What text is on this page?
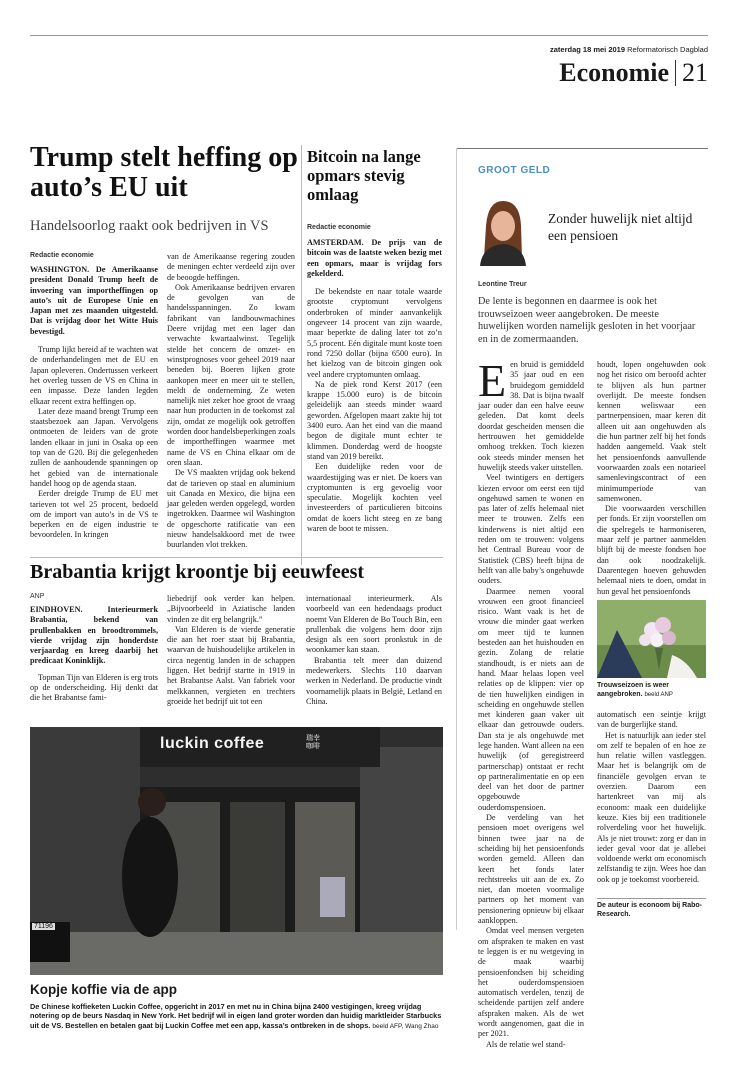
zaterdag 18 mei 2019 Reformatorisch Dagblad
Economie 21
Trump stelt heffing op auto’s EU uit
Handelsoorlog raakt ook bedrijven in VS
Redactie economie

WASHINGTON. De Amerikaanse president Donald Trump heeft de invoering van importheffingen op auto’s uit de Europese Unie en Japan met zes maanden uitgesteld. Dat is vrijdag door het Witte Huis bevestigd.

Trump lijkt bereid af te wachten wat de onderhandelingen met de EU en Japan opleveren. Ondertussen verkeert het overleg tussen de VS en China in een impasse. Deze landen legden elkaar recent extra heffingen op.

Later deze maand brengt Trump een staatsbezoek aan Japan. Vervolgens ontmoeten de leiders van de grote landen elkaar in juni in Osaka op een top van de G20. Bij die gelegenheden zullen de aanhoudende spanningen op het gebied van de internationale handel hoog op de agenda staan.

Eerder dreigde Trump de EU met tarieven tot wel 25 procent, bedoeld om de import van auto’s in de VS te beperken en de eigen industrie te bevoordelen. In kringen

van de Amerikaanse regering zouden de meningen echter verdeeld zijn over de beoogde heffingen.

Ook Amerikaanse bedrijven ervaren de gevolgen van de handelsspanningen. Zo kwam fabrikant van landbouwmachines Deere vrijdag met een lager dan verwachte kwartaalwinst. Tegelijk stelde het concern de omzet- en winstprognoses voor geheel 2019 naar beneden bij. Boeren lijken grote aankopen meer en meer uit te stellen, meldt de onderneming. Ze weten namelijk niet zeker hoe groot de vraag naar hun producten in de toekomst zal zijn, omdat ze mogelijk ook getroffen worden door handelsbeperkingen zoals de importheffingen waarmee met name de VS en China elkaar om de oren slaan.

De VS maakten vrijdag ook bekend dat de tarieven op staal en aluminium uit Canada en Mexico, die bijna een jaar geleden werden opgelegd, worden ingetrokken. Daarmee wil Washington de opgeschorte ratificatie van een nieuw handelsakkoord met de twee buurlanden vlot trekken.

Bitcoin na lange opmars stevig omlaag
Redactie economie

AMSTERDAM. De prijs van de bitcoin was de laatste weken bezig met een opmars, maar is vrijdag fors gekelderd.

De bekendste en naar totale waarde grootste cryptomunt vervolgens onderbroken of minder aanvankelijk ongeveer 14 procent van zijn waarde, maar beperkte de daling later tot zo’n 5,5 procent. Eén digitale munt koste toen rond 7250 dollar (bijna 6500 euro). In het kielzog van de bitcoin gingen ook veel andere cryptomunten omlaag.

Na de piek rond Kerst 2017 (een krappe 15.000 euro) is de bitcoin geleidelijk aan steeds minder waard geworden. Afgelopen maart zakte hij tot 3400 euro. Aan het eind van die maand begon de digitale munt echter te klimmen. Donderdag werd de hoogste stand van 2019 bereikt.

Een duidelijke reden voor de waardestijging was er niet. De koers van cryptomunten is erg gevoelig voor speculatie. Mogelijk kochten veel investeerders of particulieren bitcoins omdat de koers licht steeg en ze bang waren de boot te missen.

Brabantia krijgt kroontje bij eeuwfeest
ANP

EINDHOVEN. Interieurmerk Brabantia, bekend van prullenbakken en broodtrommels, vierde vrijdag zijn honderdste verjaardag en kreeg daarbij het predicaat Koninklijk.

Topman Tijn van Elderen is erg trots op de onderscheiding. Hij denkt dat die het Brabantse fami-

liebedrijf ook verder kan helpen. „Bijvoorbeeld in Aziatische landen vinden ze dit erg belangrijk.”

Van Elderen is de vierde generatie die aan het roer staat bij Brabantia, waarvan de huishoudelijke artikelen in circa negentig landen in de schappen liggen. Het bedrijf startte in 1919 in het Brabantse Aalst. Van fabriek voor melkkannen, vergieten en trechters groeide het bedrijf uit tot een

internationaal interieurmerk. Als voorbeeld van een hedendaags product noemt Van Elderen de Bo Touch Bin, een prullenbak die volgens hem door zijn design als een soort pronkstuk in de woonkamer kan staan.

Brabantia telt meer dan duizend medewerkers. Slechts 110 daarvan werken in Nederland. De productie vindt voornamelijk plaats in België, Letland en China.

luckin coffee	瑞幸 咖啡
71196
Kopje koffie via de app
De Chinese koffieketen Luckin Coffee, opgericht in 2017 en met nu in China bijna 2400 vestigingen, kreeg vrijdag notering op de beurs Nasdaq in New York. Het bedrijf wil in eigen land groter worden dan huidig marktleider Starbucks uit de VS. Bestellen en betalen gaat bij Luckin Coffee met een app, kassa’s ontbreken in de shops. beeld AFP, Wang Zhao
GROOT GELD
Zonder huwelijk niet altijd een pensioen
Leontine Treur
De lente is begonnen en daarmee is ook het trouwseizoen weer aangebroken. De meeste huwelijken worden namelijk gesloten in het voorjaar en in de zomermaanden.

Een bruid is gemiddeld 35 jaar oud en een bruidegom gemiddeld 38. Dat is bijna twaalf jaar ouder dan een halve eeuw geleden. Dat komt deels doordat gescheiden mensen die hertrouwen het gemiddelde omhoog trekken. Toch kiezen ook steeds minder mensen het huwelijk steeds vaker uitstellen.

Veel twintigers en dertigers kiezen ervoor om eerst een tijd ongehuwd samen te wonen en pas later of zelfs helemaal niet meer te trouwen. Zelfs een kinderwens is niet altijd een reden om te trouwen: volgens het Centraal Bureau voor de Statistiek (CBS) heeft bijna de helft van alle baby’s ongehuwde ouders.

Daarmee nemen vooral vrouwen een groot financieel risico. Want vaak is het de vrouw die minder gaat werken om meer tijd te kunnen besteden aan het huishouden en gezin. Zolang de relatie standhoudt, is er niets aan de hand. Maar helaas lopen veel relaties op de klippen: vier op de tien huwelijken eindigen in scheiding en ongehuwde stellen met kinderen gaan vaker uit elkaar dan getrouwde ouders. Dan sta je als ongehuwde met lege handen. Want alleen na een huwelijk (of geregistreerd partnerschap) ontstaat er recht op partneralimentatie en op een deel van het door de partner opgebouwde ouderdomspensioen.

De verdeling van het pensioen moet overigens wel binnen twee jaar na de scheiding bij het pensioenfonds worden gemeld. Alleen dan keert het fonds later rechtstreeks uit aan de ex. Zo niet, dan moeten voormalige partners op het moment van pensionering opnieuw bij elkaar aankloppen.

Omdat veel mensen vergeten om afspraken te maken en vast te leggen is er nu wetgeving in de maak waarbij pensioenfondsen bij scheiding het ouderdomspensioen automatisch verdelen, tenzij de scheidende partijen zelf andere afspraken maken. Als de wet wordt aangenomen, gaat die in per 2021.

Als de relatie wel stand-

houdt, lopen ongehuwden ook nog het risico om beroofd achter te blijven als hun partner overlijdt. De meeste fondsen kennen weliswaar een partnerpensioen, maar keren dit alleen uit aan ongehuwden als die hun partner zelf bij het fonds hadden aangemeld. Vaak stelt het pensioenfonds aanvullende voorwaarden zoals een notarieel samenlevingscontract of een minimumperiode van samenwonen.

Die voorwaarden verschillen per fonds. Er zijn voorstellen om die spelregels te harmoniseren, maar zelf je partner aanmelden blijft bij de meeste fondsen hoe dan ook noodzakelijk. Daarentegen hoeven gehuwden helemaal niets te doen, omdat in hun geval het pensioenfonds

Trouwseizoen is weer aangebroken. beeld ANP

automatisch een seintje krijgt van de burgerlijke stand.

Het is natuurlijk aan ieder stel om zelf te bepalen of en hoe ze hun relatie willen vastleggen. Maar het is belangrijk om de financiële gevolgen ervan te overzien. Daarom een hartenkreet van mij als econoom: maak een duidelijke keuze. Kies bij een traditionele rolverdeling voor het huwelijk. Als je niet trouwt: zorg er dan in ieder geval voor dat je allebei voldoende werkt om economisch zelfstandig te zijn. Wees hoe dan ook op je toekomst voorbereid.

De auteur is econoom bij Rabo-Research.
